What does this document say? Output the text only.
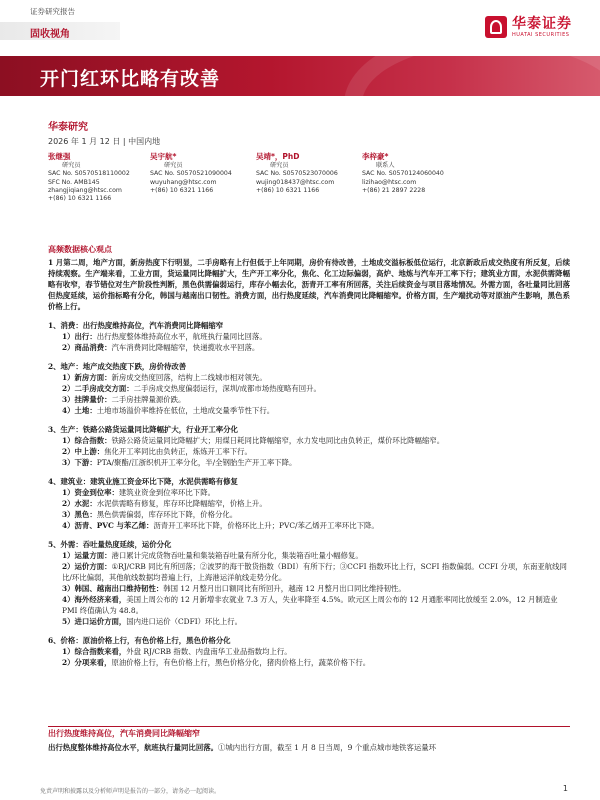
证券研究报告
固收视角
华泰证券
HUATAI SECURITIES
开门红环比略有改善
华泰研究
2026 年 1 月 12 日 | 中国内地
张继强
研究员
SAC No. S0570518110002
SFC No. AMB145
zhangjiqiang@htsc.com
+(86) 10 6321 1166
吴宇航*
研究员
SAC No. S0570521090004
wuyuhang@htsc.com
+(86) 10 6321 1166
吴靖*，PhD
研究员
SAC No. S0570523070006
wujing018437@htsc.com
+(86) 10 6321 1166
李梓豪*
联系人
SAC No. S0570124060040
lizihao@htsc.com
+(86) 21 2897 2228
高频数据核心观点
1 月第二周，地产方面，新房热度下行明显，二手房略有上行但低于上年同期，房价有待改善，土地成交溢标板低位运行，北京新政后成交热度有所反复，后续持续观察。生产端来看，工业方面，货运量同比降幅扩大，生产开工率分化，焦化、化工边际偏弱，高炉、地炼与汽车开工率下行；建筑业方面，水泥供需降幅略有收窄，春节错位对生产阶段性判断，黑色供需偏弱运行，库存小幅去化，沥青开工率有所回落，关注后续资金与项目落地情况。外需方面，各吐量同比回落但热度延续，运价指标略有分化，韩国与越南出口韧性。消费方面，出行热度延续，汽车消费同比降幅缩窄。价格方面，生产端扰动等对原油产生影响，黑色系价格上行。
1、消费：出行热度维持高位，汽车消费同比降幅缩窄
1）出行：出行热度整体维持高位水平，航班执行量同比回落。
2）商品消费：汽车消费同比降幅缩窄，快递揽收水平回落。
2、地产：地产成交热度下跌，房价待改善
1）新房方面：新房成交热度回落，结构上二线城市相对领先。
2）二手房成交方面：二手房成交热度偏弱运行，深圳/成都市场热度略有回升。
3）挂牌量价：二手房挂牌量源价跌。
4）土地：土地市场溢价率维持在低位，土地成交量季节性下行。
3、生产：铁路公路货运量同比降幅扩大，行业开工率分化
1）综合指数：铁路公路货运量同比降幅扩大；用煤日耗同比降幅缩窄，水力发电同比由负转正，煤价环比降幅缩窄。
2）中上游：焦化开工率同比由负转正，炼炼开工率下行。
3）下游：PTA/聚酯/江浙织机开工率分化，半/全钢胎生产开工率下降。
4、建筑业：建筑业施工资金环比下降，水泥供需略有修复
1）资金到位率：建筑业资金到位率环比下降。
2）水泥：水泥供需略有修复，库存环比降幅缩窄，价格上升。
3）黑色：黑色供需偏弱，库存环比下降，价格分化。
4）沥青、PVC 与苯乙烯：沥青开工率环比下降，价格环比上升；PVC/苯乙烯开工率环比下降。
5、外需：吞吐量热度延续，运价分化
1）运量方面：港口累计完成货物吞吐量和集装箱吞吐量有所分化，集装箱吞吐量小幅修复。
2）运价方面：①RJ/CRB 同比有所回落；②波罗的海干散货指数（BDI）有所下行；③CCFI 指数环比上行，SCFI 指数偏弱。CCFI 分项，东南亚航线同比/环比偏弱，其他航线数据均普遍上行，上海港运洋航线走势分化。
3）韩国、越南出口维持韧性：韩国 12 月整月出口额同比有所回升，越南 12 月整月出口同比维持韧性。
4）海外经济来看，美国上周公布的 12 月新增非农就业 7.3 万人，失业率降至 4.5%。欧元区上周公布的 12 月通胀率同比放缓至 2.0%，12 月制造业 PMI 终值确认为 48.8。
5）进口运价方面，国内进口运价（CDFI）环比上行。
6、价格：原油价格上行，有色价格上行，黑色价格分化
1）综合指数来看，外盘 RJ/CRB 指数、内盘南华工业品指数均上行。
2）分项来看，原油价格上行，有色价格上行，黑色价格分化，猪肉价格上行，蔬菜价格下行。
出行热度维持高位，汽车消费同比降幅缩窄
出行热度整体维持高位水平，航班执行量同比回落。①城内出行方面，截至 1 月 8 日当周，9 个重点城市地铁客运量环
免责声明和披露以及分析师声明是报告的一部分，请务必一起阅读。	1
